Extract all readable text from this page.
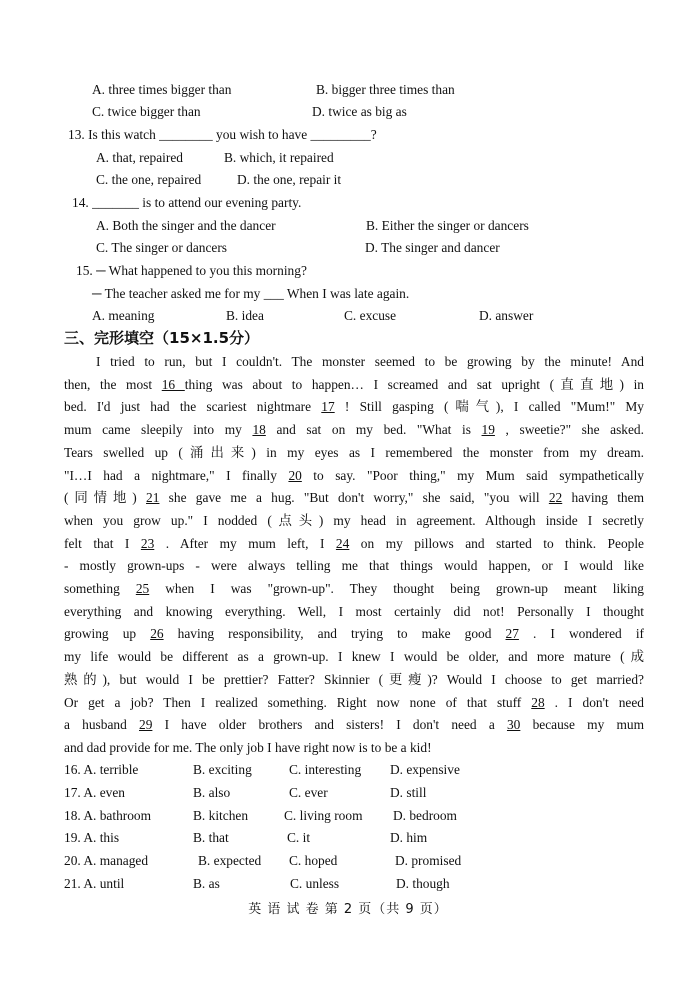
A. three times bigger than	B. bigger three times than
C. twice bigger than	D. twice as big as
13. Is this watch ________ you wish to have _________?
A. that, repaired	B. which, it repaired
C. the one, repaired	D. the one, repair it
14. _______ is to attend our evening party.
A. Both the singer and the dancer	B. Either the singer or dancers
C. The singer or dancers	D. The singer and dancer
15. ─ What happened to you this morning?
─ The teacher asked me for my ___ When I was late again.
A. meaning	B. idea	C. excuse	D. answer
三、完形填空（15×1.5分）
I tried to run, but I couldn't. The monster seemed to be growing by the minute! And
then, the most 16 thing was about to happen… I screamed and sat upright (直直地) in
bed. I'd just had the scariest nightmare 17 ! Still gasping (喘气), I called "Mum!" My
mum came sleepily into my 18 and sat on my bed. "What is 19 , sweetie?" she asked.
Tears swelled up (涌出来) in my eyes as I remembered the monster from my dream.
"I…I had a nightmare," I finally 20 to say. "Poor thing," my Mum said sympathetically
(同情地) 21 she gave me a hug. "But don't worry," she said, "you will 22 having them
when you grow up." I nodded (点头) my head in agreement. Although inside I secretly
felt that I 23 . After my mum left, I 24 on my pillows and started to think. People
- mostly grown-ups - were always telling me that things would happen, or I would like
something 25 when I was "grown-up". They thought being grown-up meant liking
everything and knowing everything. Well, I most certainly did not! Personally I thought
growing up 26 having responsibility, and trying to make good 27 . I wondered if
my life would be different as a grown-up. I knew I would be older, and more mature (成
熟的), but would I be prettier? Fatter? Skinnier (更瘦)? Would I choose to get married?
Or get a job? Then I realized something. Right now none of that stuff 28 . I don't need
a husband 29 I have older brothers and sisters! I don't need a 30 because my mum
and dad provide for me. The only job I have right now is to be a kid!
16. A. terrible	B. exciting	C. interesting D. expensive
17. A. even	B. also	C. ever	D. still
18. A. bathroom	B. kitchen	C. living room D. bedroom
19. A. this	B. that	C. it	D. him
20. A. managed	B. expected C. hoped	D. promised
21. A. until	B. as	C. unless	D. though
英 语 试 卷 第 2 页（共 9 页）
